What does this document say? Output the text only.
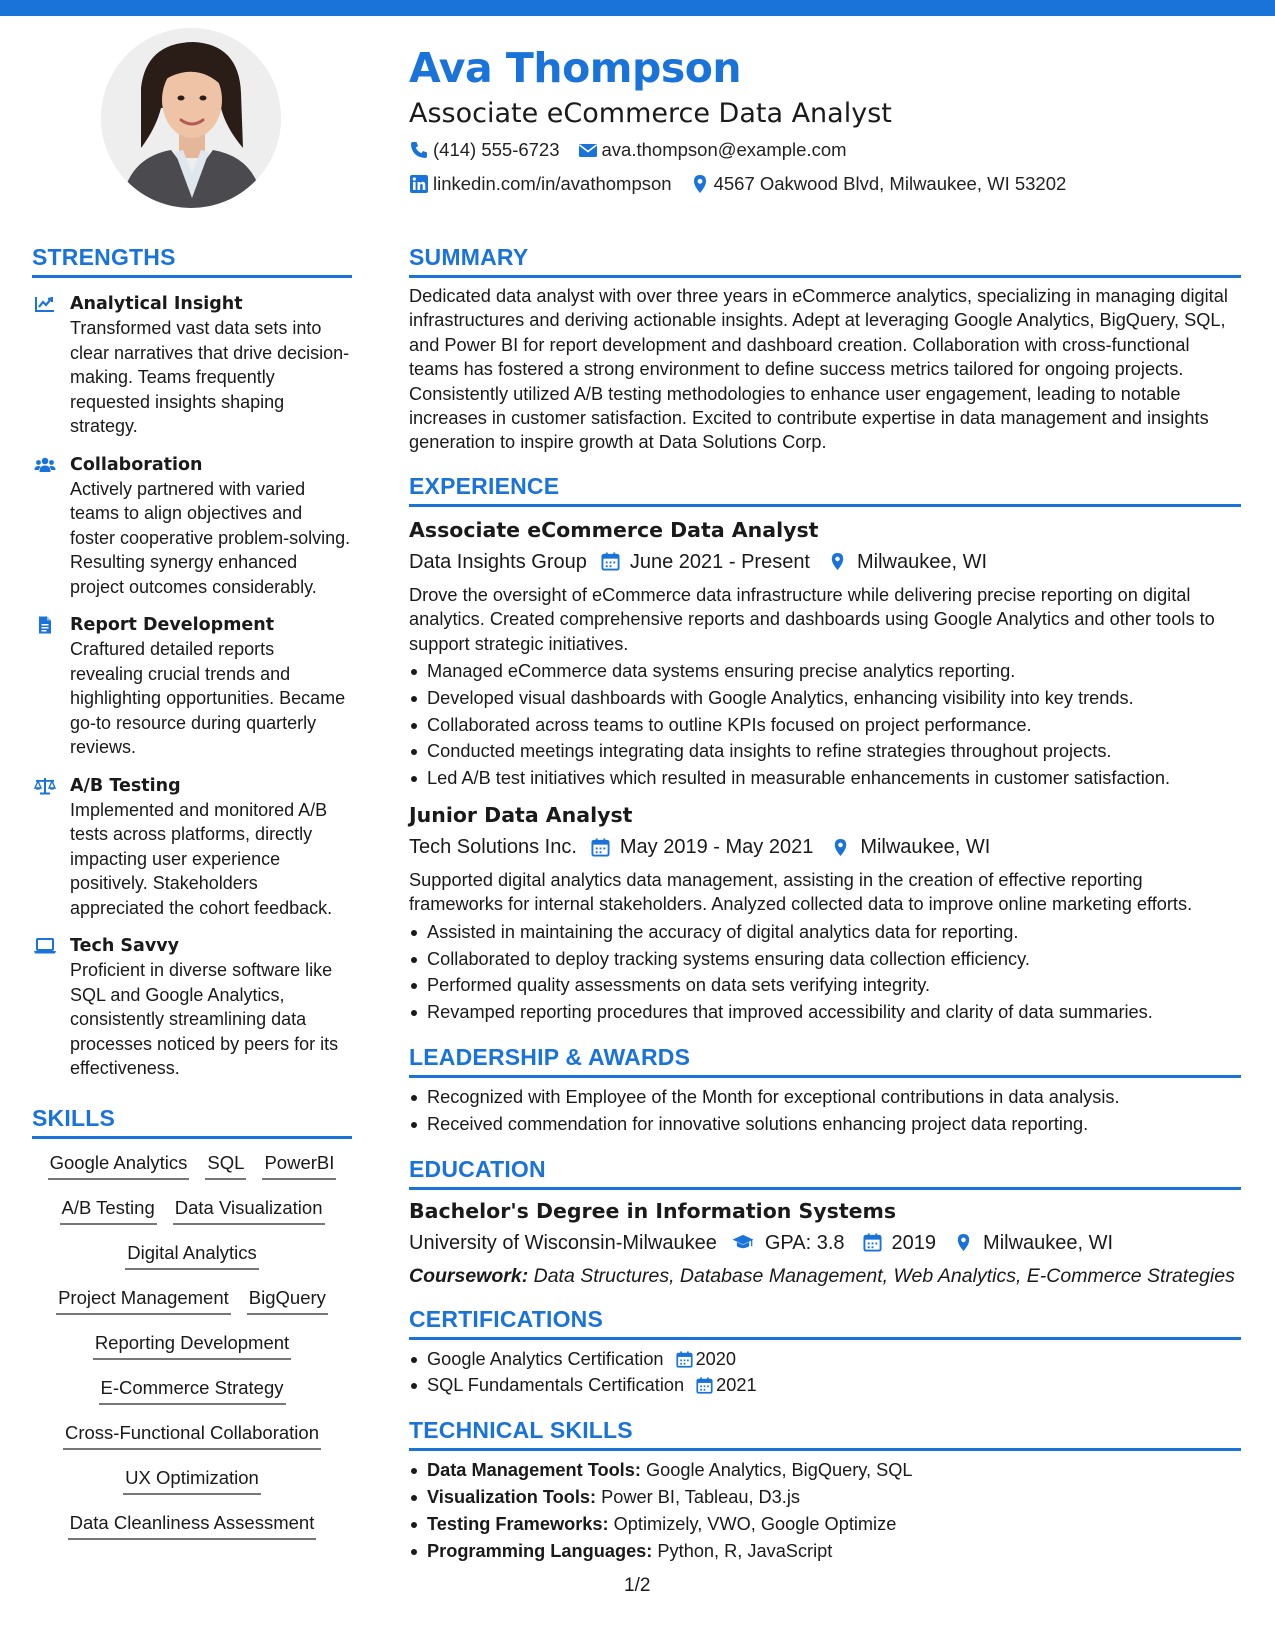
Ava Thompson
Associate eCommerce Data Analyst
(414) 555-6723 ava.thompson@example.com
linkedin.com/in/avathompson 4567 Oakwood Blvd, Milwaukee, WI 53202
STRENGTHS
Analytical Insight
Transformed vast data sets into clear narratives that drive decision-making. Teams frequently requested insights shaping strategy.
Collaboration
Actively partnered with varied teams to align objectives and foster cooperative problem-solving. Resulting synergy enhanced project outcomes considerably.
Report Development
Craftured detailed reports revealing crucial trends and highlighting opportunities. Became go-to resource during quarterly reviews.
A/B Testing
Implemented and monitored A/B tests across platforms, directly impacting user experience positively. Stakeholders appreciated the cohort feedback.
Tech Savvy
Proficient in diverse software like SQL and Google Analytics, consistently streamlining data processes noticed by peers for its effectiveness.
SKILLS
Google Analytics SQL PowerBI
A/B Testing Data Visualization
Digital Analytics
Project Management BigQuery
Reporting Development
E-Commerce Strategy
Cross-Functional Collaboration
UX Optimization
Data Cleanliness Assessment
SUMMARY
Dedicated data analyst with over three years in eCommerce analytics, specializing in managing digital infrastructures and deriving actionable insights. Adept at leveraging Google Analytics, BigQuery, SQL, and Power BI for report development and dashboard creation. Collaboration with cross-functional teams has fostered a strong environment to define success metrics tailored for ongoing projects. Consistently utilized A/B testing methodologies to enhance user engagement, leading to notable increases in customer satisfaction. Excited to contribute expertise in data management and insights generation to inspire growth at Data Solutions Corp.
EXPERIENCE
Associate eCommerce Data Analyst
Data Insights Group June 2021 - Present Milwaukee, WI
Drove the oversight of eCommerce data infrastructure while delivering precise reporting on digital analytics. Created comprehensive reports and dashboards using Google Analytics and other tools to support strategic initiatives.
Managed eCommerce data systems ensuring precise analytics reporting.
Developed visual dashboards with Google Analytics, enhancing visibility into key trends.
Collaborated across teams to outline KPIs focused on project performance.
Conducted meetings integrating data insights to refine strategies throughout projects.
Led A/B test initiatives which resulted in measurable enhancements in customer satisfaction.
Junior Data Analyst
Tech Solutions Inc. May 2019 - May 2021 Milwaukee, WI
Supported digital analytics data management, assisting in the creation of effective reporting frameworks for internal stakeholders. Analyzed collected data to improve online marketing efforts.
Assisted in maintaining the accuracy of digital analytics data for reporting.
Collaborated to deploy tracking systems ensuring data collection efficiency.
Performed quality assessments on data sets verifying integrity.
Revamped reporting procedures that improved accessibility and clarity of data summaries.
LEADERSHIP & AWARDS
Recognized with Employee of the Month for exceptional contributions in data analysis.
Received commendation for innovative solutions enhancing project data reporting.
EDUCATION
Bachelor's Degree in Information Systems
University of Wisconsin-Milwaukee GPA: 3.8 2019 Milwaukee, WI
Coursework: Data Structures, Database Management, Web Analytics, E-Commerce Strategies
CERTIFICATIONS
Google Analytics Certification 2020
SQL Fundamentals Certification 2021
TECHNICAL SKILLS
Data Management Tools: Google Analytics, BigQuery, SQL
Visualization Tools: Power BI, Tableau, D3.js
Testing Frameworks: Optimizely, VWO, Google Optimize
Programming Languages: Python, R, JavaScript
1/2
